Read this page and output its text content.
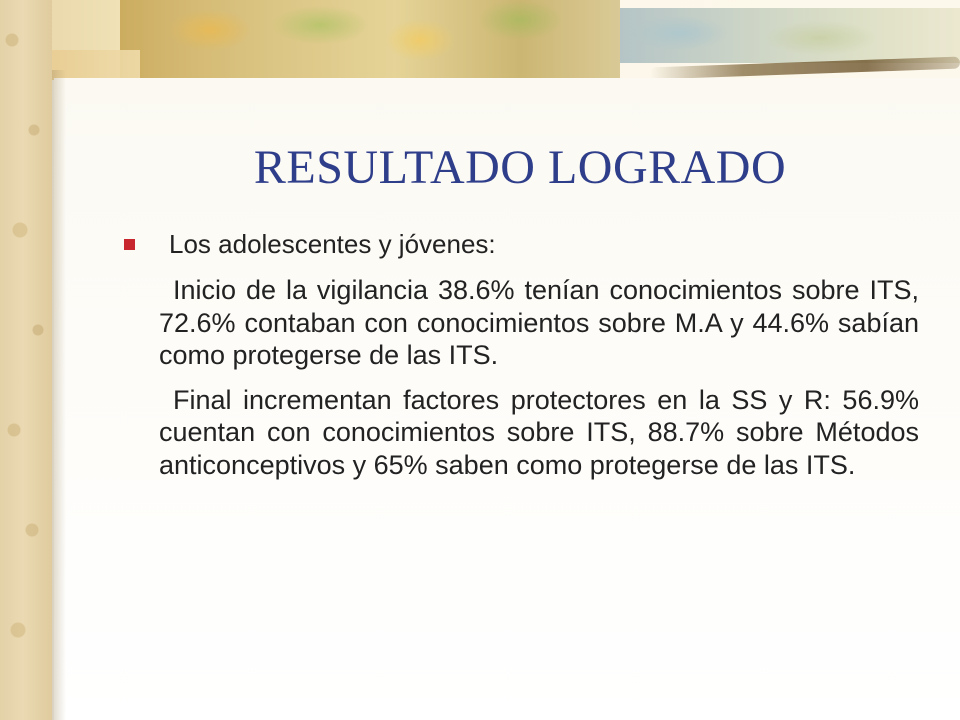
RESULTADO LOGRADO
Los adolescentes y jóvenes:
Inicio de la vigilancia 38.6% tenían conocimientos sobre ITS, 72.6% contaban con conocimientos sobre M.A y 44.6% sabían como protegerse de las ITS.
Final incrementan factores protectores en la SS y R: 56.9% cuentan con conocimientos sobre ITS, 88.7% sobre Métodos anticonceptivos y 65% saben como protegerse de las ITS.
